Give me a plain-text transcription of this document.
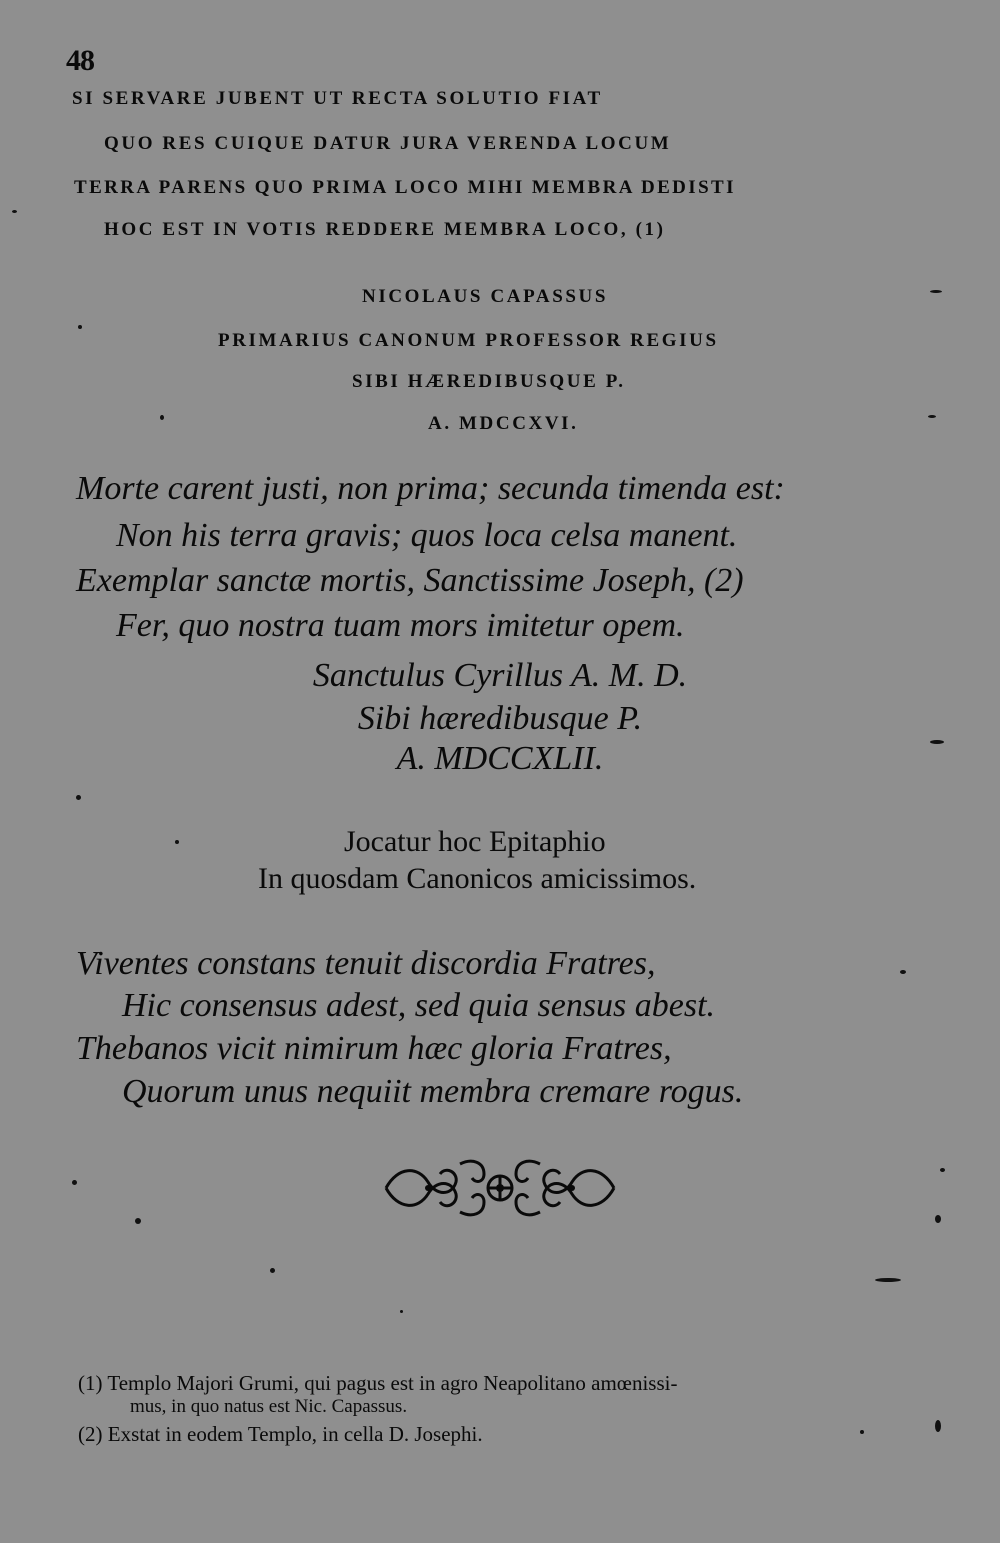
48
SI SERVARE JUBENT UT RECTA SOLUTIO FIAT
QUO RES CUIQUE DATUR JURA VERENDA LOCUM
TERRA PARENS QUO PRIMA LOCO MIHI MEMBRA DEDISTI
HOC EST IN VOTIS REDDERE MEMBRA LOCO, (1)
NICOLAUS CAPASSUS
PRIMARIUS CANONUM PROFESSOR REGIUS
SIBI HÆREDIBUSQUE P.
A. MDCCXVI.
Morte carent justi, non prima; secunda timenda est:
Non his terra gravis; quos loca celsa manent.
Exemplar sanctæ mortis, Sanctissime Joseph, (2)
Fer, quo nostra tuam mors imitetur opem.
Sanctulus Cyrillus A. M. D.
Sibi hæredibusque P.
A. MDCCXLII.
Jocatur hoc Epitaphio
In quosdam Canonicos amicissimos.
Viventes constans tenuit discordia Fratres,
Hic consensus adest, sed quia sensus abest.
Thebanos vicit nimirum hæc gloria Fratres,
Quorum unus nequiit membra cremare rogus.
(1) Templo Majori Grumi, qui pagus est in agro Neapolitano amœnissi-
mus, in quo natus est Nic. Capassus.
(2) Exstat in eodem Templo, in cella D. Josephi.
